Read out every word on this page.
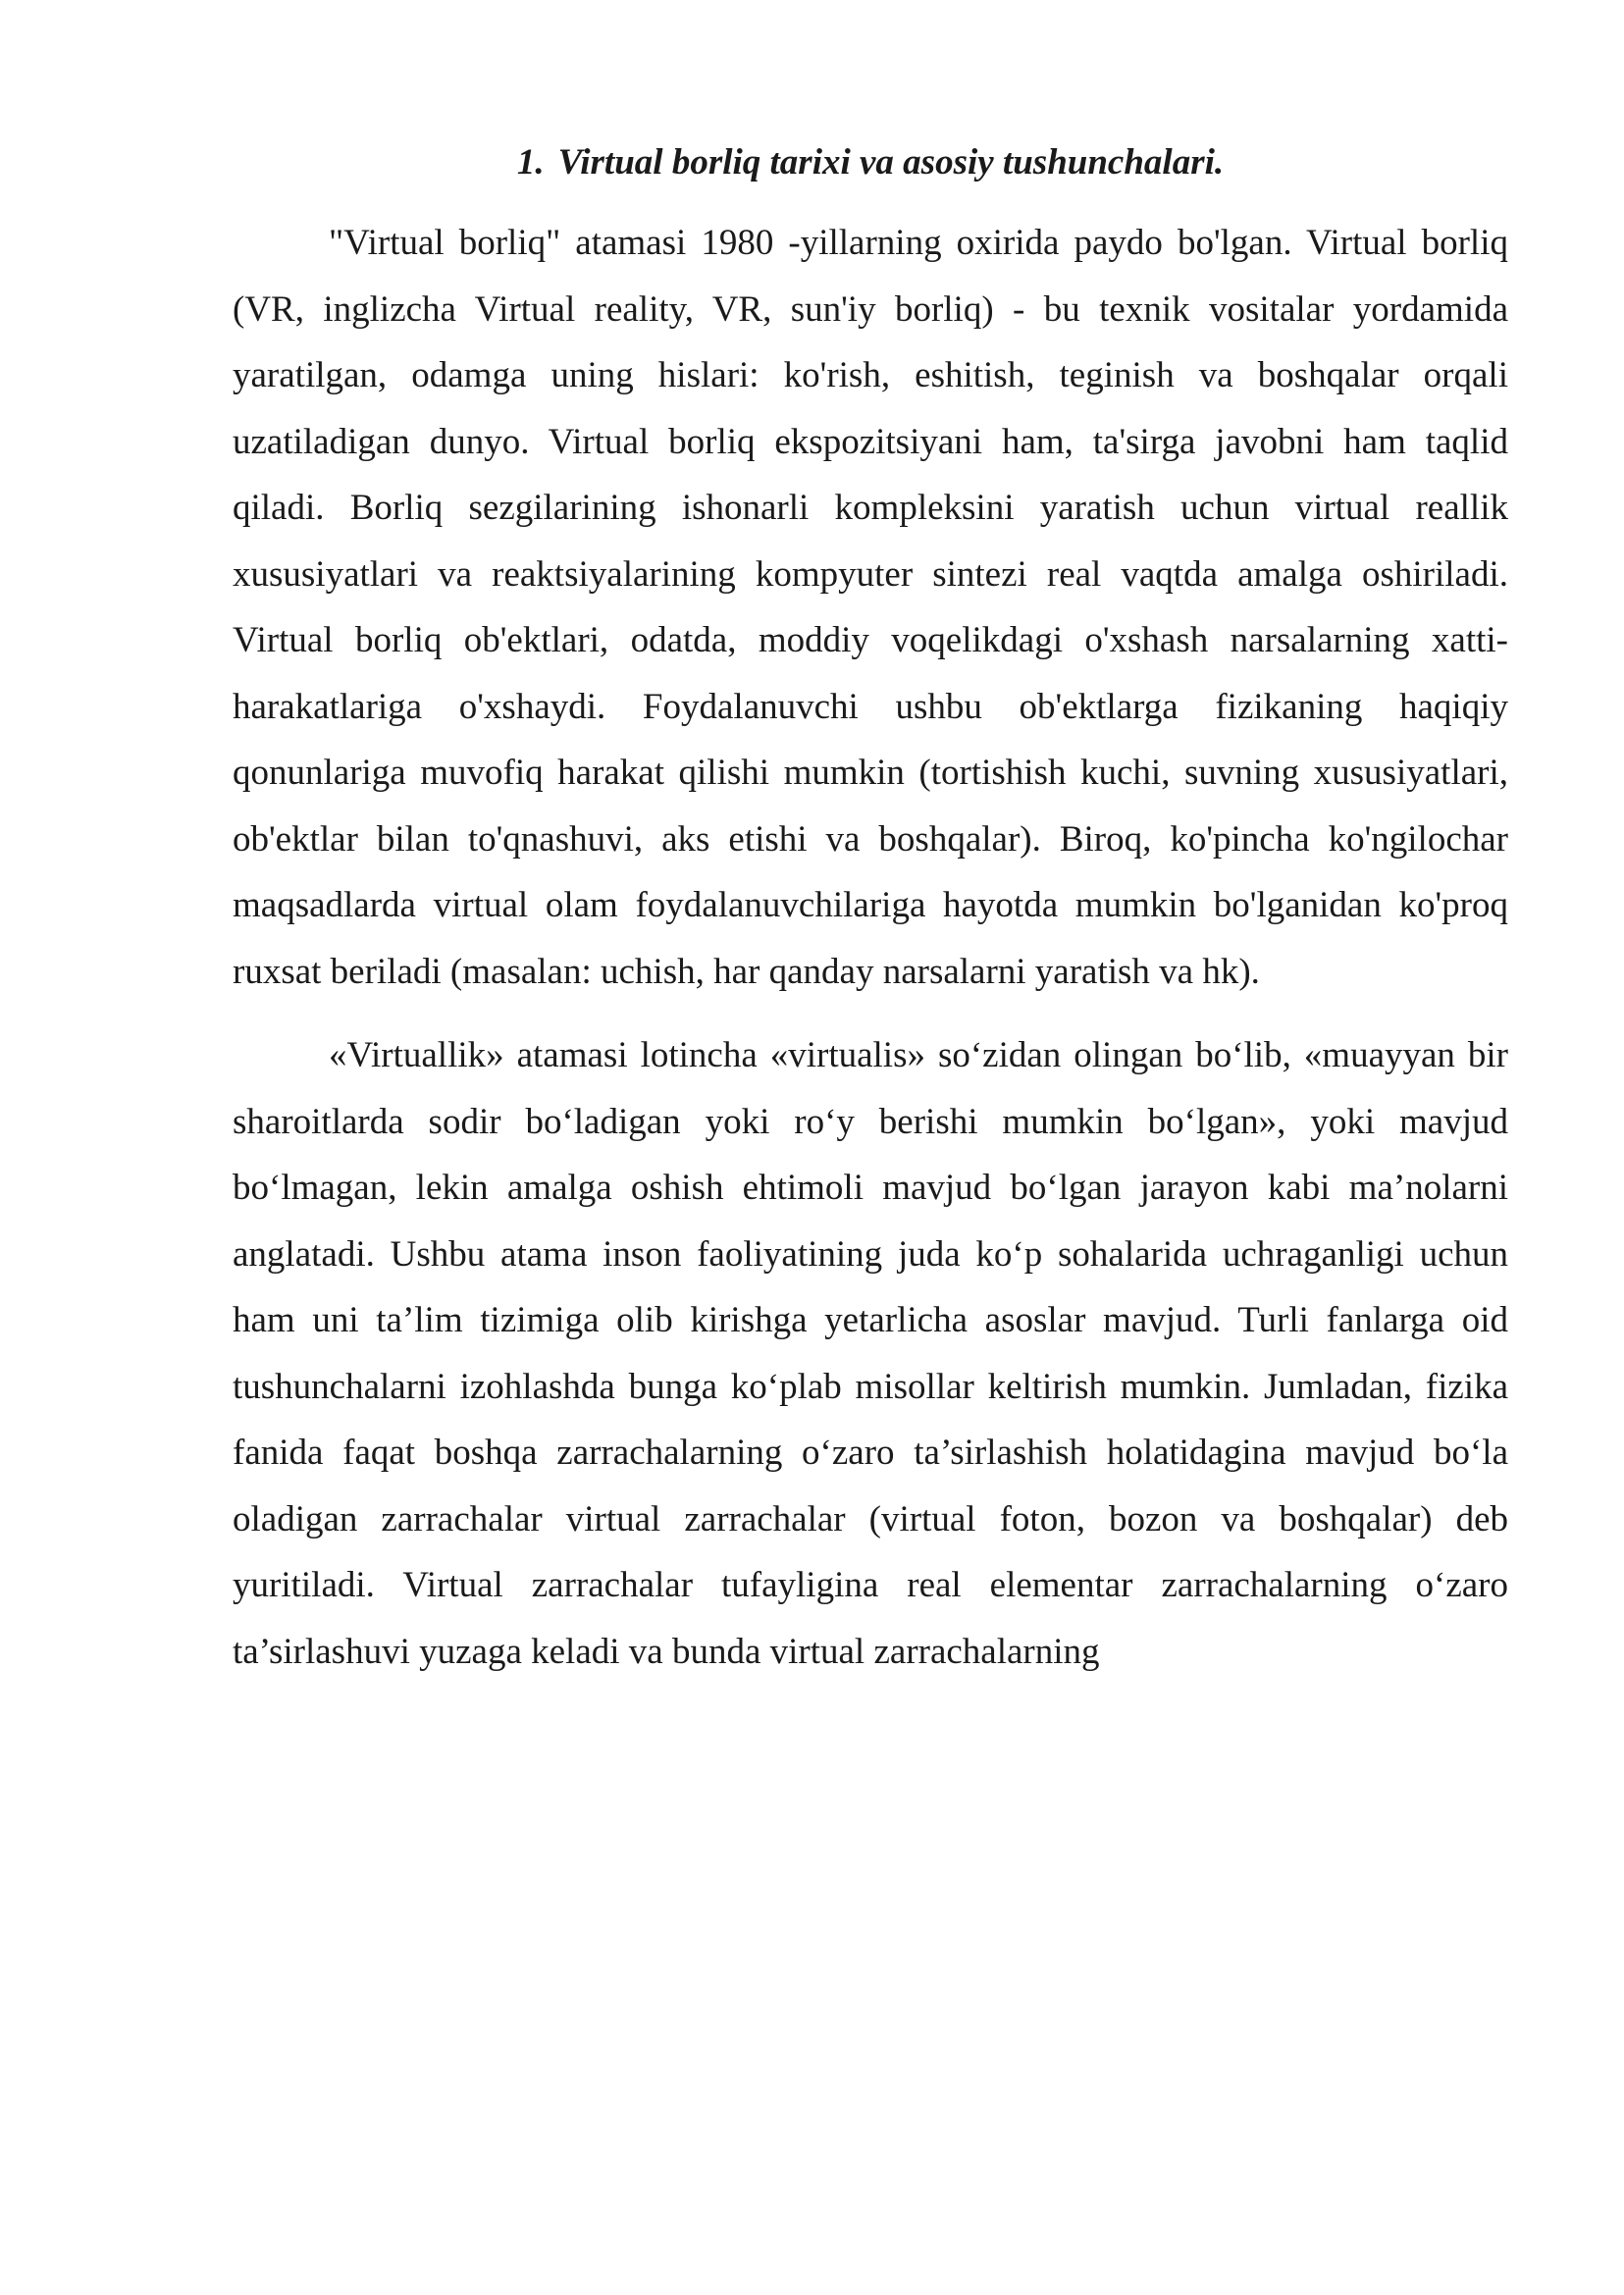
1. Virtual borliq tarixi va asosiy tushunchalari.

"Virtual borliq" atamasi 1980 -yillarning oxirida paydo bo'lgan. Virtual borliq (VR, inglizcha Virtual reality, VR, sun'iy borliq) - bu texnik vositalar yordamida yaratilgan, odamga uning hislari: ko'rish, eshitish, teginish va boshqalar orqali uzatiladigan dunyo. Virtual borliq ekspozitsiyani ham, ta'sirga javobni ham taqlid qiladi. Borliq sezgilarining ishonarli kompleksini yaratish uchun virtual reallik xususiyatlari va reaktsiyalarining kompyuter sintezi real vaqtda amalga oshiriladi. Virtual borliq ob'ektlari, odatda, moddiy voqelikdagi o'xshash narsalarning xatti-harakatlariga o'xshaydi. Foydalanuvchi ushbu ob'ektlarga fizikaning haqiqiy qonunlariga muvofiq harakat qilishi mumkin (tortishish kuchi, suvning xususiyatlari, ob'ektlar bilan to'qnashuvi, aks etishi va boshqalar). Biroq, ko'pincha ko'ngilochar maqsadlarda virtual olam foydalanuvchilariga hayotda mumkin bo'lganidan ko'proq ruxsat beriladi (masalan: uchish, har qanday narsalarni yaratish va hk).

«Virtuallik» atamasi lotincha «virtualis» so‘zidan olingan bo‘lib, «muayyan bir sharoitlarda sodir bo‘ladigan yoki ro‘y berishi mumkin bo‘lgan», yoki mavjud bo‘lmagan, lekin amalga oshish ehtimoli mavjud bo‘lgan jarayon kabi ma’nolarni anglatadi. Ushbu atama inson faoliyatining juda ko‘p sohalarida uchraganligi uchun ham uni ta’lim tizimiga olib kirishga yetarlicha asoslar mavjud. Turli fanlarga oid tushunchalarni izohlashda bunga ko‘plab misollar keltirish mumkin. Jumladan, fizika fanida faqat boshqa zarrachalarning o‘zaro ta’sirlashish holatidagina mavjud bo‘la oladigan zarrachalar virtual zarrachalar (virtual foton, bozon va boshqalar) deb yuritiladi. Virtual zarrachalar tufayligina real elementar zarrachalarning o‘zaro ta’sirlashuvi yuzaga keladi va bunda virtual zarrachalarning
